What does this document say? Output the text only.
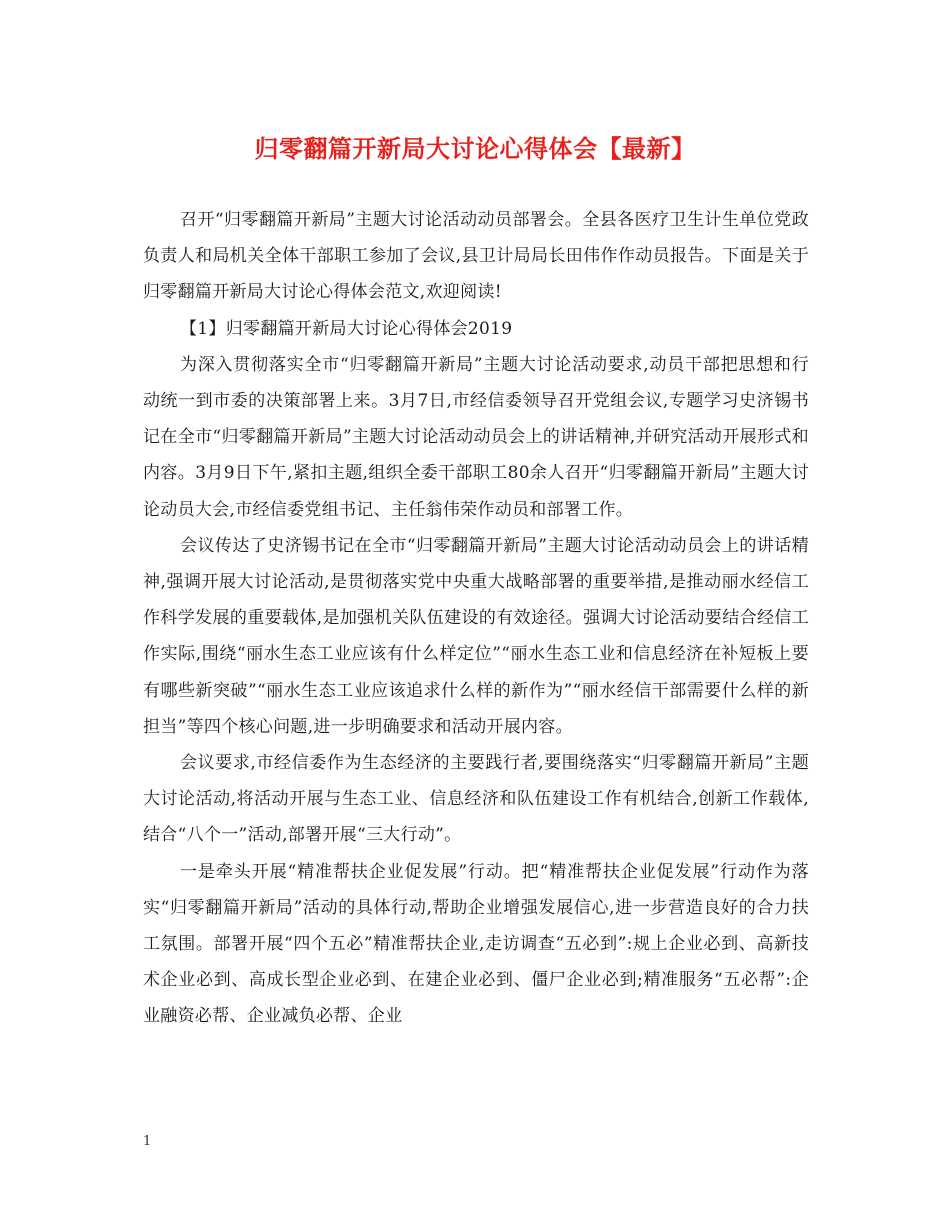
归零翻篇开新局大讨论心得体会【最新】

召开“归零翻篇开新局”主题大讨论活动动员部署会。全县各医疗卫生计生单位党政负责人和局机关全体干部职工参加了会议,县卫计局局长田伟作作动员报告。下面是关于归零翻篇开新局大讨论心得体会范文,欢迎阅读!

【1】归零翻篇开新局大讨论心得体会2019

为深入贯彻落实全市“归零翻篇开新局”主题大讨论活动要求,动员干部把思想和行动统一到市委的决策部署上来。3月7日,市经信委领导召开党组会议,专题学习史济锡书记在全市“归零翻篇开新局”主题大讨论活动动员会上的讲话精神,并研究活动开展形式和内容。3月9日下午,紧扣主题,组织全委干部职工80余人召开“归零翻篇开新局”主题大讨论动员大会,市经信委党组书记、主任翁伟荣作动员和部署工作。

会议传达了史济锡书记在全市“归零翻篇开新局”主题大讨论活动动员会上的讲话精神,强调开展大讨论活动,是贯彻落实党中央重大战略部署的重要举措,是推动丽水经信工作科学发展的重要载体,是加强机关队伍建设的有效途径。强调大讨论活动要结合经信工作实际,围绕“丽水生态工业应该有什么样定位”“丽水生态工业和信息经济在补短板上要有哪些新突破”“丽水生态工业应该追求什么样的新作为”“丽水经信干部需要什么样的新担当”等四个核心问题,进一步明确要求和活动开展内容。

会议要求,市经信委作为生态经济的主要践行者,要围绕落实“归零翻篇开新局”主题大讨论活动,将活动开展与生态工业、信息经济和队伍建设工作有机结合,创新工作载体,结合“八个一”活动,部署开展“三大行动”。

一是牵头开展“精准帮扶企业促发展”行动。把“精准帮扶企业促发展”行动作为落实“归零翻篇开新局”活动的具体行动,帮助企业增强发展信心,进一步营造良好的合力扶工氛围。部署开展“四个五必”精准帮扶企业,走访调查“五必到”:规上企业必到、高新技术企业必到、高成长型企业必到、在建企业必到、僵尸企业必到;精准服务“五必帮”:企业融资必帮、企业减负必帮、企业

1
